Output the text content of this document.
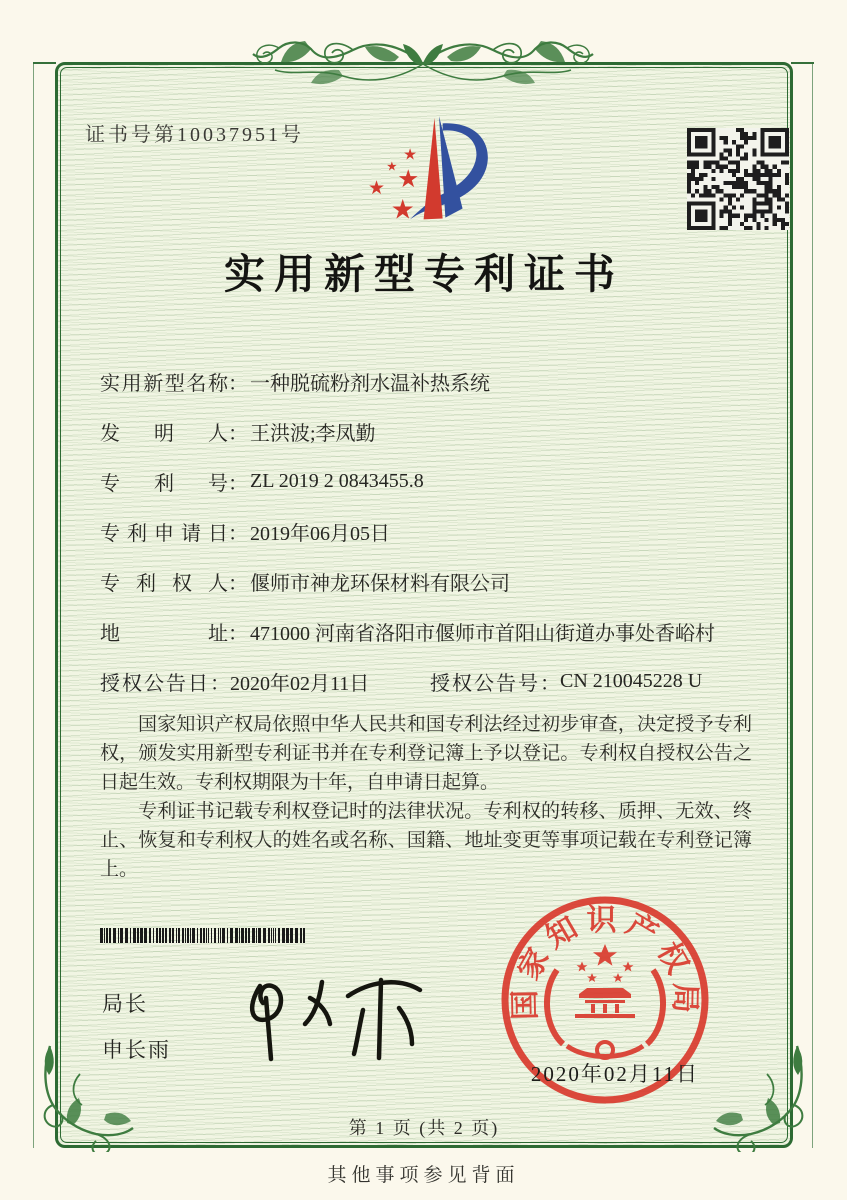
证书号第10037951号
★
★
★ ★
★
实用新型专利证书
实用新型名称 ： 一种脱硫粉剂水温补热系统
发明人 ： 王洪波;李凤勤
专利号 ： ZL 2019 2 0843455.8
专利申请日 ： 2019年06月05日
专利权人 ： 偃师市神龙环保材料有限公司
地址 ： 471000 河南省洛阳市偃师市首阳山街道办事处香峪村
授权公告日 ： 2020年02月11日	授权公告号 ： CN 210045228 U

国家知识产权局依照中华人民共和国专利法经过初步审查，决定授予专利权，颁发实用新型专利证书并在专利登记簿上予以登记。专利权自授权公告之日起生效。专利权期限为十年，自申请日起算。

专利证书记载专利权登记时的法律状况。专利权的转移、质押、无效、终止、恢复和专利权人的姓名或名称、国籍、地址变更等事项记载在专利登记簿上。

局长
申长雨
国家知识产权局
2020年02月11日
第 1 页 (共 2 页)
其他事项参见背面
